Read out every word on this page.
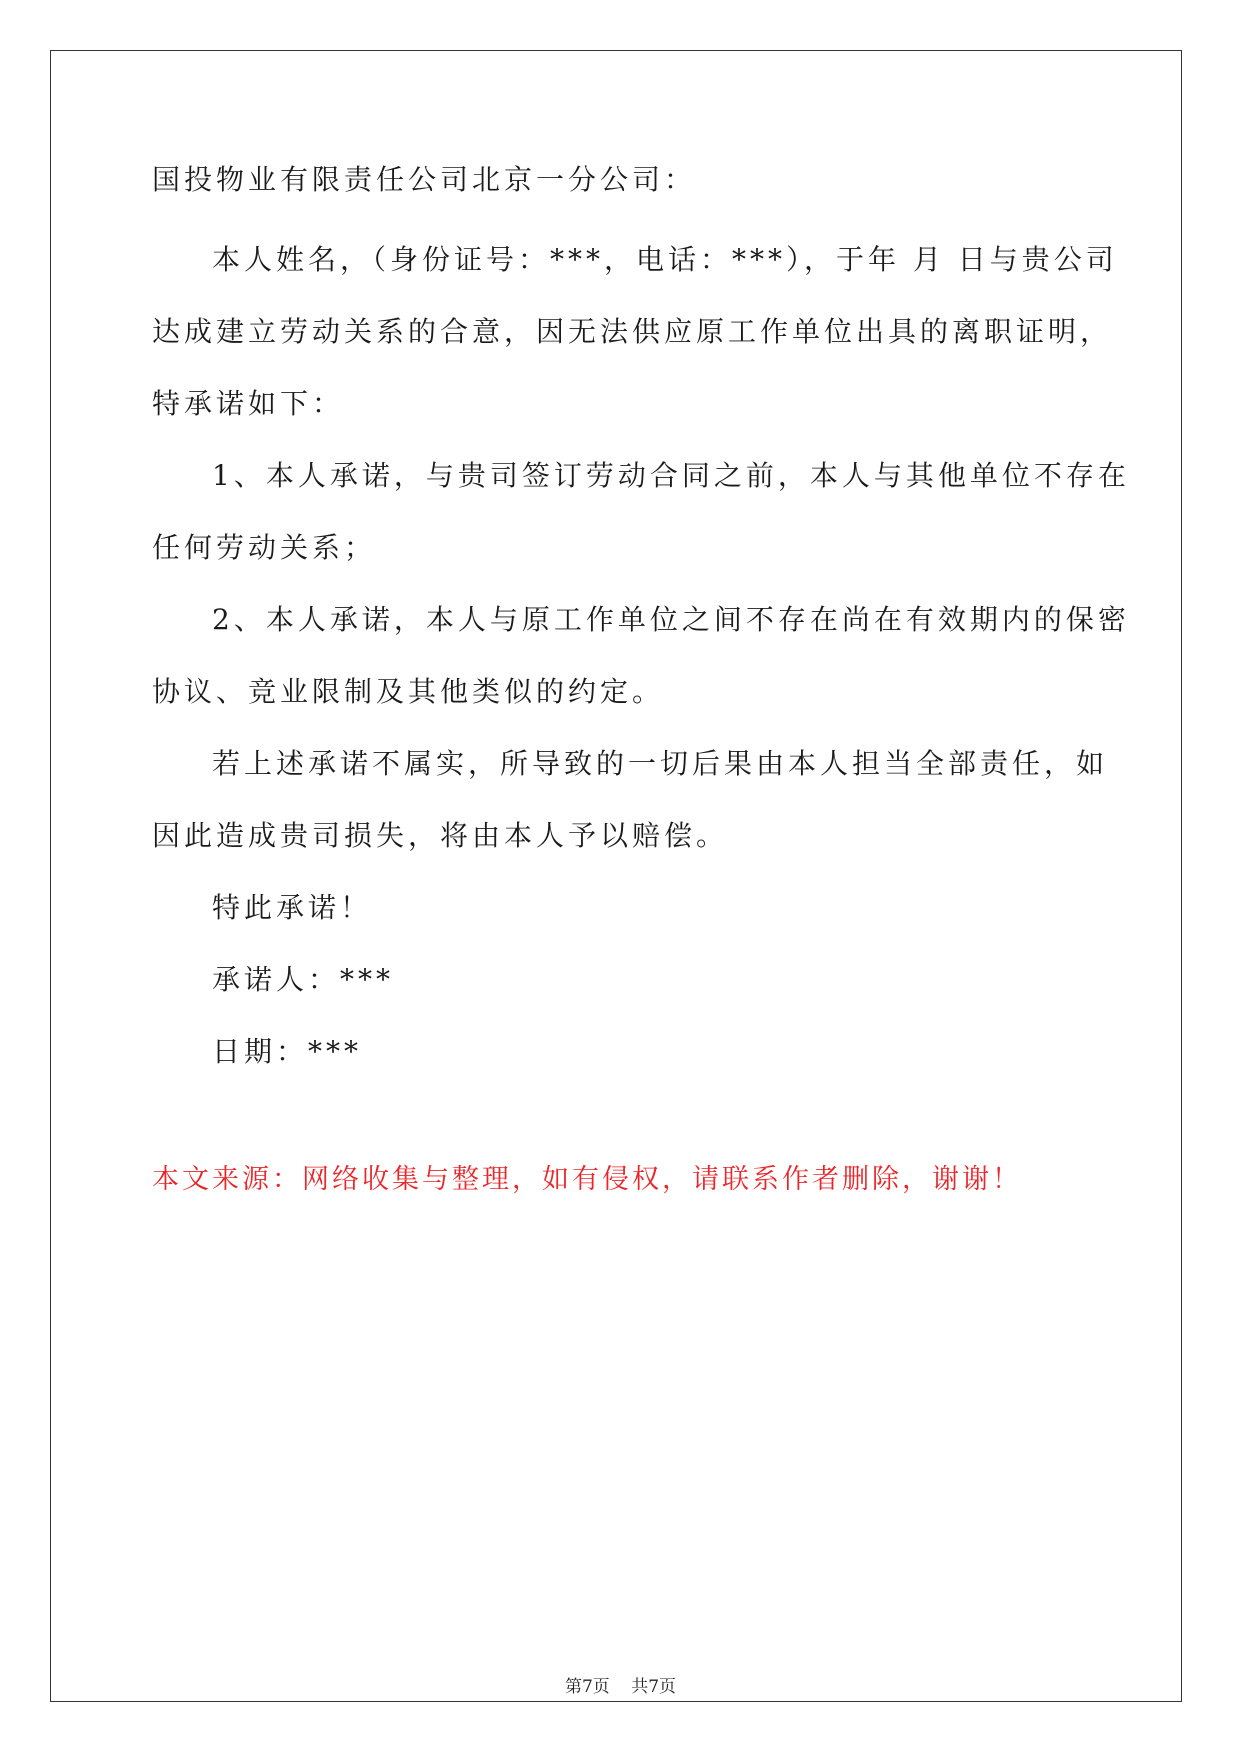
国投物业有限责任公司北京一分公司：
本人姓名，（身份证号：***，电话：***），于年 月 日与贵公司
达成建立劳动关系的合意，因无法供应原工作单位出具的离职证明，
特承诺如下：
1、本人承诺，与贵司签订劳动合同之前，本人与其他单位不存在
任何劳动关系；
2、本人承诺，本人与原工作单位之间不存在尚在有效期内的保密
协议、竞业限制及其他类似的约定。
若上述承诺不属实，所导致的一切后果由本人担当全部责任，如
因此造成贵司损失，将由本人予以赔偿。
特此承诺！
承诺人：***
日期：***
本文来源：网络收集与整理，如有侵权，请联系作者删除，谢谢！
第7页 共7页
